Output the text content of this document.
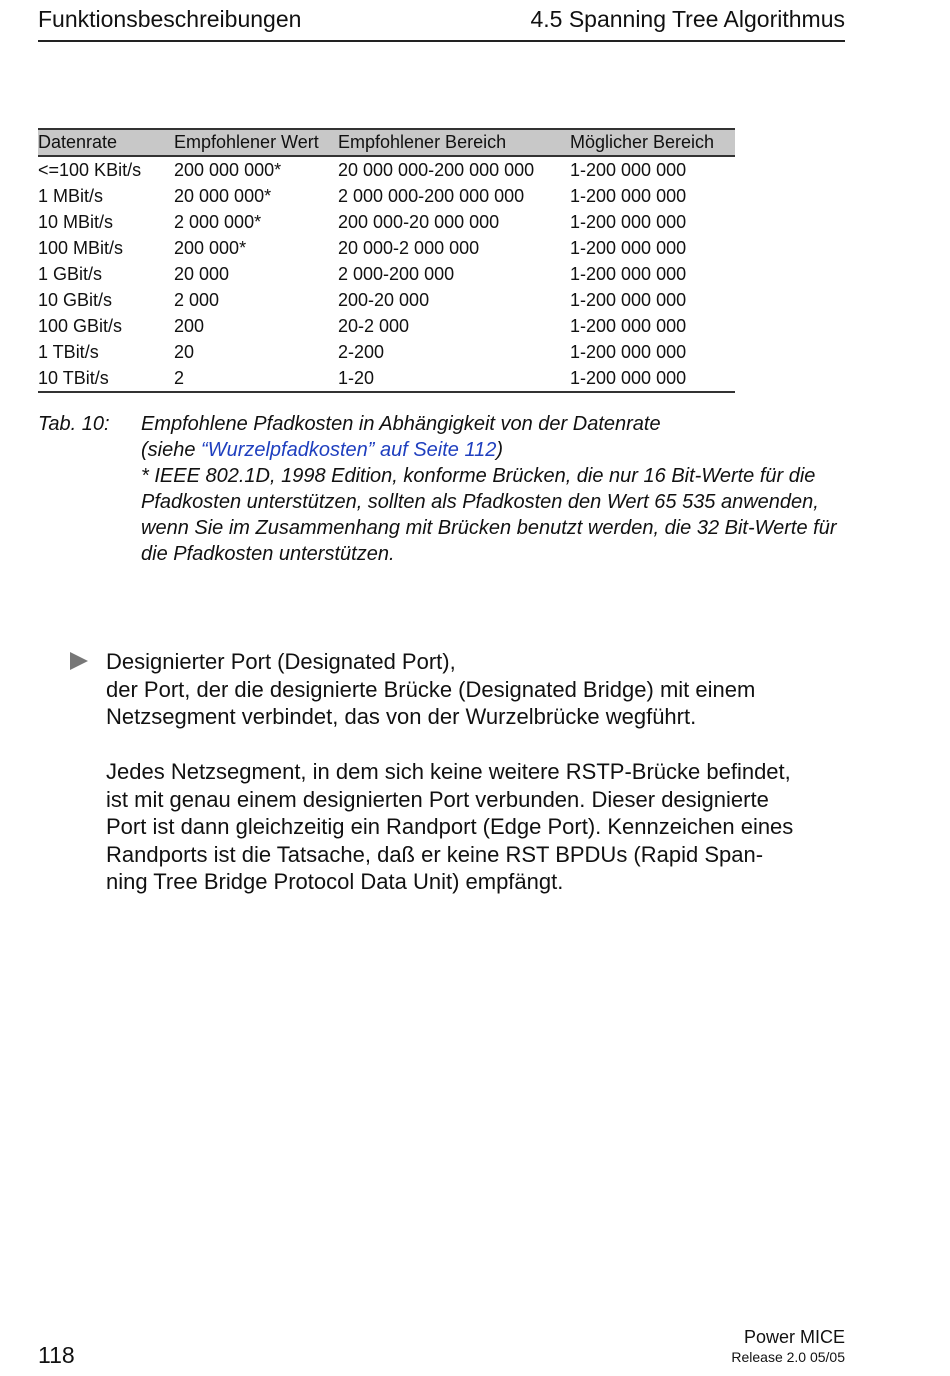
Funktionsbeschreibungen	4.5 Spanning Tree Algorithmus
Datenrate	Empfohlener Wert	Empfohlener Bereich	Möglicher Bereich
<=100 KBit/s	200 000 000*	20 000 000-200 000 000	1-200 000 000
1 MBit/s	20 000 000*	2 000 000-200 000 000	1-200 000 000
10 MBit/s	2 000 000*	200 000-20 000 000	1-200 000 000
100 MBit/s	200 000*	20 000-2 000 000	1-200 000 000
1 GBit/s	20 000	2 000-200 000	1-200 000 000
10 GBit/s	2 000	200-20 000	1-200 000 000
100 GBit/s	200	20-2 000	1-200 000 000
1 TBit/s	20	2-200	1-200 000 000
10 TBit/s	2	1-20	1-200 000 000
Tab. 10: Empfohlene Pfadkosten in Abhängigkeit von der Datenrate
(siehe “Wurzelpfadkosten” auf Seite 112)
* IEEE 802.1D, 1998 Edition, konforme Brücken, die nur 16 Bit-Werte für die Pfadkosten unterstützen, sollten als Pfadkosten den Wert 65 535 anwenden, wenn Sie im Zusammenhang mit Brücken benutzt werden, die 32 Bit-Werte für die Pfadkosten unterstützen.
Designierter Port (Designated Port),
der Port, der die designierte Brücke (Designated Bridge) mit einem
Netzsegment verbindet, das von der Wurzelbrücke wegführt.
Jedes Netzsegment, in dem sich keine weitere RSTP-Brücke befindet,
ist mit genau einem designierten Port verbunden. Dieser designierte
Port ist dann gleichzeitig ein Randport (Edge Port). Kennzeichen eines
Randports ist die Tatsache, daß er keine RST BPDUs (Rapid Span-
ning Tree Bridge Protocol Data Unit) empfängt.
118
Power MICE
Release 2.0 05/05
